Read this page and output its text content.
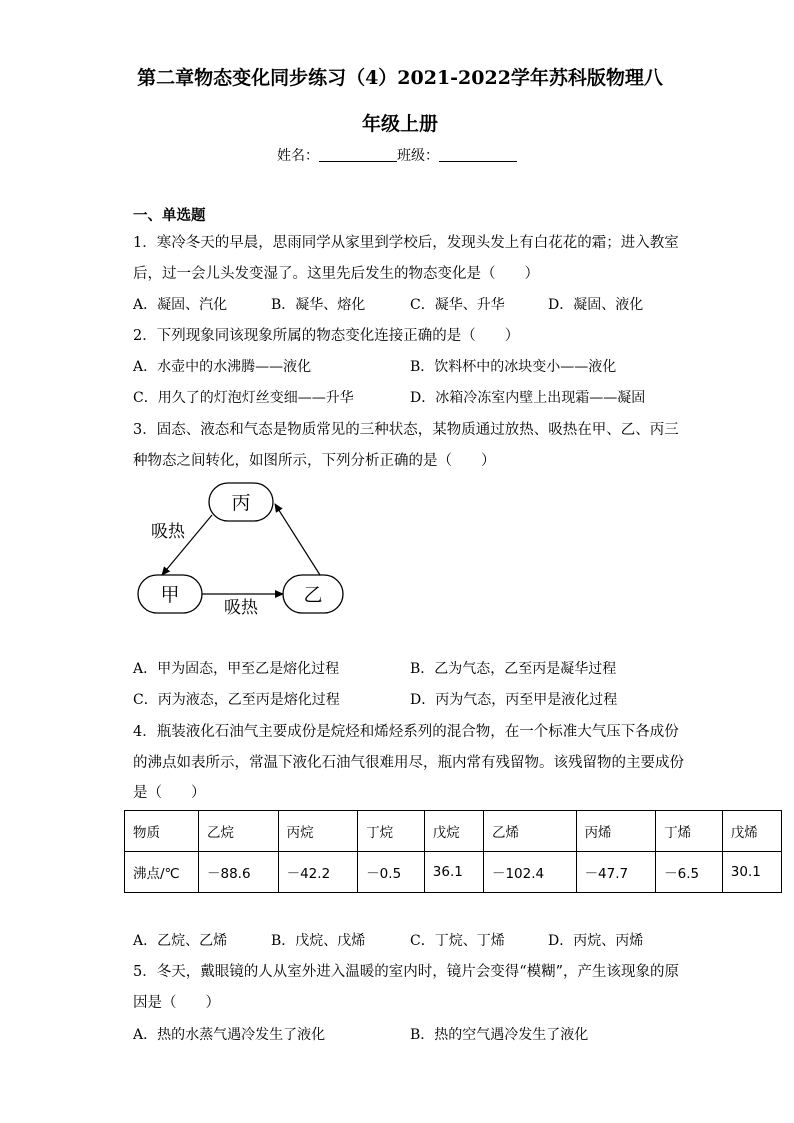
第二章物态变化同步练习（4）2021-2022学年苏科版物理八
年级上册
姓名：	班级：
一、单选题
1．寒冷冬天的早晨，思雨同学从家里到学校后，发现头发上有白花花的霜；进入教室
后，过一会儿头发变湿了。这里先后发生的物态变化是（　　）
A．凝固、汽化	B．凝华、熔化	C．凝华、升华	D．凝固、液化
2．下列现象同该现象所属的物态变化连接正确的是（　　）
A．水壶中的水沸腾——液化	B．饮料杯中的冰块变小——液化
C．用久了的灯泡灯丝变细——升华	D．冰箱冷冻室内壁上出现霜——凝固
3．固态、液态和气态是物质常见的三种状态，某物质通过放热、吸热在甲、乙、丙三
种物态之间转化，如图所示，下列分析正确的是（　　）
丙
甲	乙
吸热
吸热
A．甲为固态，甲至乙是熔化过程	B．乙为气态，乙至丙是凝华过程
C．丙为液态，乙至丙是熔化过程	D．丙为气态，丙至甲是液化过程
4．瓶装液化石油气主要成份是烷烃和烯烃系列的混合物，在一个标准大气压下各成份
的沸点如表所示，常温下液化石油气很难用尽，瓶内常有残留物。该残留物的主要成份
是（　　）
物质	乙烷	丙烷	丁烷	戊烷	乙烯	丙烯	丁烯	戊烯
沸点/℃	－88.6	－42.2	－0.5	36.1	－102.4	－47.7	－6.5	30.1
A．乙烷、乙烯	B．戊烷、戊烯	C．丁烷、丁烯	D．丙烷、丙烯
5．冬天，戴眼镜的人从室外进入温暖的室内时，镜片会变得“模糊”，产生该现象的原
因是（　　）
A．热的水蒸气遇冷发生了液化	B．热的空气遇冷发生了液化
